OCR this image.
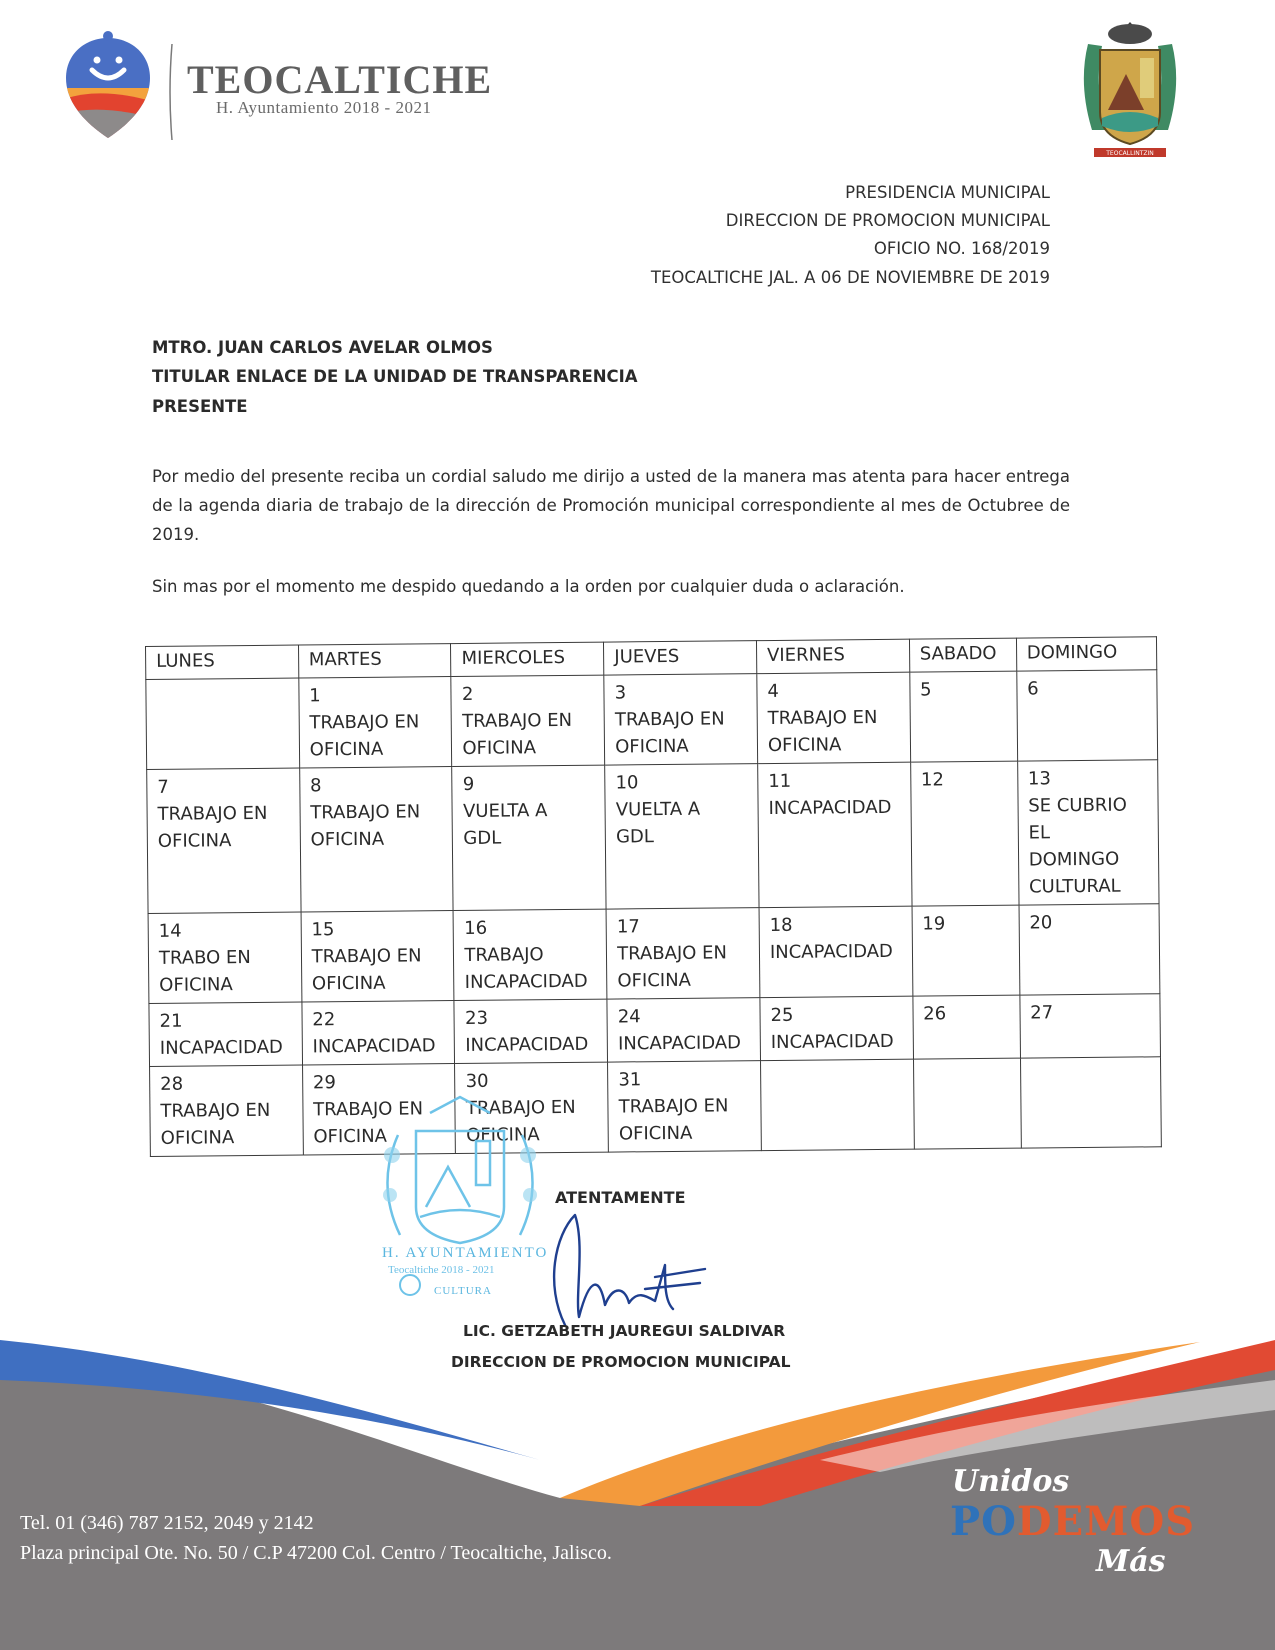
TEOCALTICHE
H. Ayuntamiento 2018 - 2021
TEOCALLINTZIN
PRESIDENCIA MUNICIPAL
DIRECCION DE PROMOCION MUNICIPAL
OFICIO NO. 168/2019
TEOCALTICHE JAL. A 06 DE NOVIEMBRE DE 2019
MTRO. JUAN CARLOS AVELAR OLMOS
TITULAR ENLACE DE LA UNIDAD DE TRANSPARENCIA
PRESENTE
Por medio del presente reciba un cordial saludo me dirijo a usted de la manera mas atenta para hacer entrega de la agenda diaria de trabajo de la dirección de Promoción municipal correspondiente al mes de Octubree de 2019.
Sin mas por el momento me despido quedando a la orden por cualquier duda o aclaración.
LUNES	MARTES	MIERCOLES	JUEVES	VIERNES	SABADO	DOMINGO

	1
TRABAJO EN
OFICINA	2
TRABAJO EN
OFICINA	3
TRABAJO EN
OFICINA	4
TRABAJO EN
OFICINA	5	6

7
TRABAJO EN
OFICINA	8
TRABAJO EN
OFICINA	9
VUELTA A
GDL	10
VUELTA A
GDL	11
INCAPACIDAD	12	13
SE CUBRIO
EL
DOMINGO
CULTURAL

14
TRABO EN
OFICINA	15
TRABAJO EN
OFICINA	16
TRABAJO
INCAPACIDAD	17
TRABAJO EN
OFICINA	18
INCAPACIDAD	19	20

21
INCAPACIDAD	22
INCAPACIDAD	23
INCAPACIDAD	24
INCAPACIDAD	25
INCAPACIDAD	26	27

28
TRABAJO EN
OFICINA	29
TRABAJO EN
OFICINA	30
TRABAJO EN
OFICINA	31
TRABAJO EN
OFICINA			

H. AYUNTAMIENTO
Teocaltiche 2018 - 2021
CULTURA
ATENTAMENTE
LIC. GETZABETH JAUREGUI SALDIVAR
DIRECCION DE PROMOCION MUNICIPAL
Tel. 01 (346) 787 2152, 2049 y 2142
Plaza principal Ote. No. 50 / C.P 47200 Col. Centro / Teocaltiche, Jalisco.
Unidos
PODEMOS
Más
